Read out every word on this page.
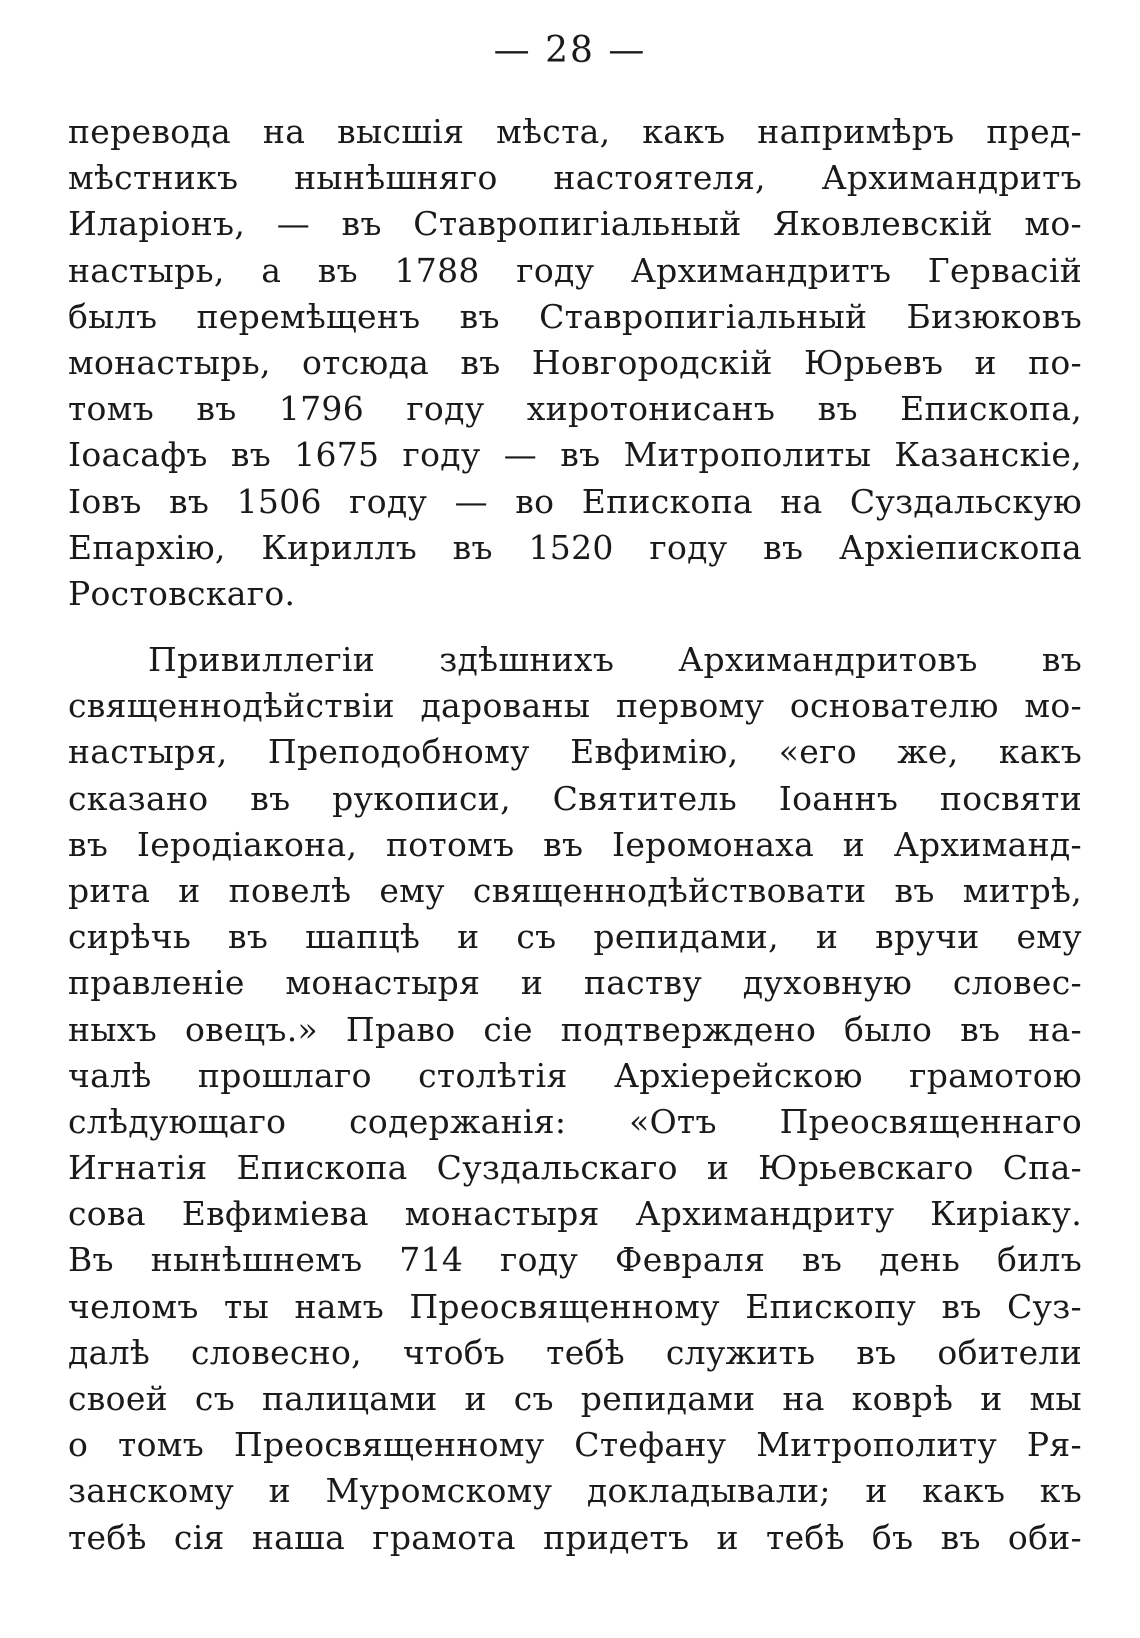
— 28 —
перевода на высшія мѣста, какъ напримѣръ пред-
мѣстникъ нынѣшняго настоятеля, Архимандритъ
Иларіонъ, — въ Ставропигіальный Яковлевскій мо-
настырь, а въ 1788 году Архимандритъ Гервасій
былъ перемѣщенъ въ Ставропигіальный Бизюковъ
монастырь, отсюда въ Новгородскій Юрьевъ и по-
томъ въ 1796 году хиротонисанъ въ Епископа,
Іоасафъ въ 1675 году — въ Митрополиты Казанскіе,
Іовъ въ 1506 году — во Епископа на Суздальскую
Епархію, Кириллъ въ 1520 году въ Архіепископа
Ростовскаго.
Привиллегіи здѣшнихъ Архимандритовъ въ
священнодѣйствіи дарованы первому основателю мо-
настыря, Преподобному Евфимію, «его же, какъ
сказано въ рукописи, Святитель Іоаннъ посвяти
въ Іеродіакона, потомъ въ Іеромонаха и Архиманд-
рита и повелѣ ему священнодѣйствовати въ митрѣ,
сирѣчь въ шапцѣ и съ репидами, и вручи ему
правленіе монастыря и паству духовную словес-
ныхъ овецъ.» Право сіе подтверждено было въ на-
чалѣ прошлаго столѣтія Архіерейскою грамотою
слѣдующаго содержанія: «Отъ Преосвященнаго
Игнатія Епископа Суздальскаго и Юрьевскаго Спа-
сова Евфиміева монастыря Архимандриту Киріаку.
Въ нынѣшнемъ 714 году Февраля въ день билъ
челомъ ты намъ Преосвященному Епископу въ Суз-
далѣ словесно, чтобъ тебѣ служить въ обители
своей съ палицами и съ репидами на коврѣ и мы
о томъ Преосвященному Стефану Митрополиту Ря-
занскому и Муромскому докладывали; и какъ къ
тебѣ сія наша грамота придетъ и тебѣ бъ въ оби-
